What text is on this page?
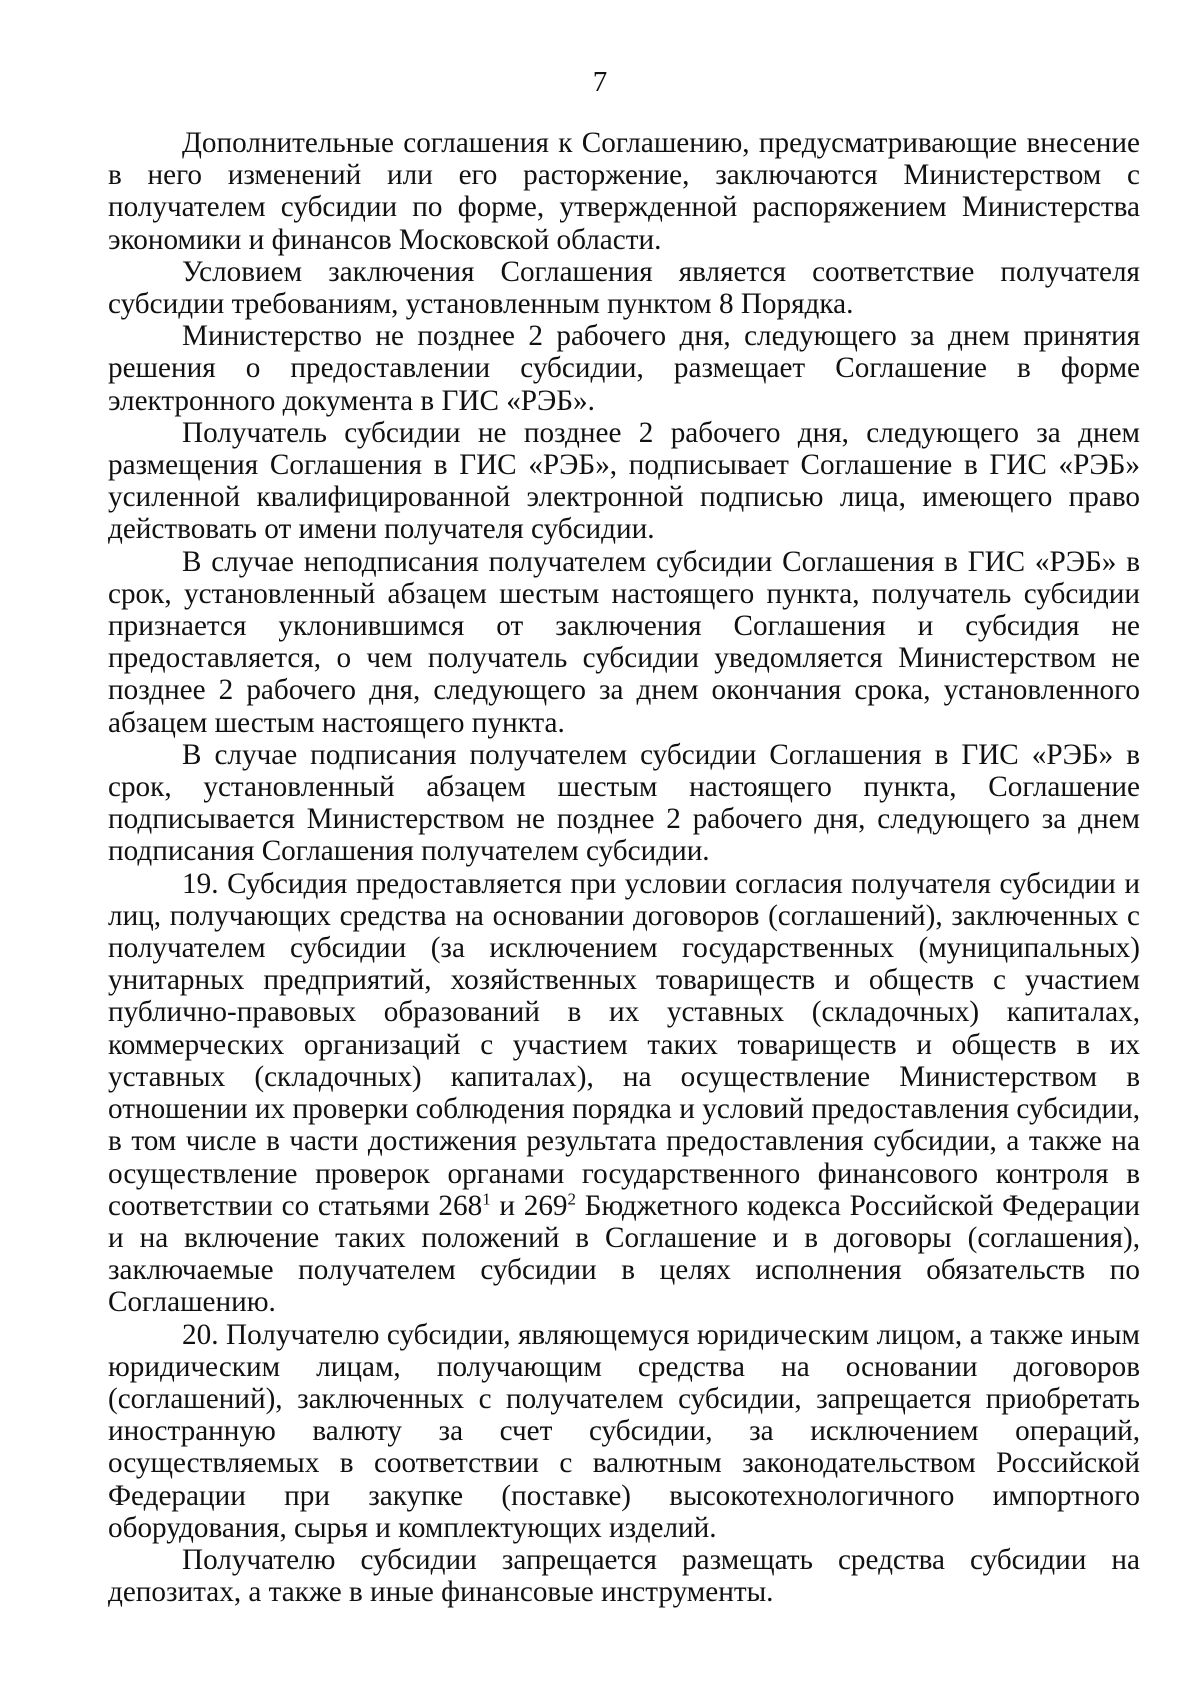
7

Дополнительные соглашения к Соглашению, предусматривающие внесение в него изменений или его расторжение, заключаются Министерством с получателем субсидии по форме, утвержденной распоряжением Министерства экономики и финансов Московской области.

Условием заключения Соглашения является соответствие получателя субсидии требованиям, установленным пунктом 8 Порядка.

Министерство не позднее 2 рабочего дня, следующего за днем принятия решения о предоставлении субсидии, размещает Соглашение в форме электронного документа в ГИС «РЭБ».

Получатель субсидии не позднее 2 рабочего дня, следующего за днем размещения Соглашения в ГИС «РЭБ», подписывает Соглашение в ГИС «РЭБ» усиленной квалифицированной электронной подписью лица, имеющего право действовать от имени получателя субсидии.

В случае неподписания получателем субсидии Соглашения в ГИС «РЭБ» в срок, установленный абзацем шестым настоящего пункта, получатель субсидии признается уклонившимся от заключения Соглашения и субсидия не предоставляется, о чем получатель субсидии уведомляется Министерством не позднее 2 рабочего дня, следующего за днем окончания срока, установленного абзацем шестым настоящего пункта.

В случае подписания получателем субсидии Соглашения в ГИС «РЭБ» в срок, установленный абзацем шестым настоящего пункта, Соглашение подписывается Министерством не позднее 2 рабочего дня, следующего за днем подписания Соглашения получателем субсидии.

19. Субсидия предоставляется при условии согласия получателя субсидии и лиц, получающих средства на основании договоров (соглашений), заключенных с получателем субсидии (за исключением государственных (муниципальных) унитарных предприятий, хозяйственных товариществ и обществ с участием публично-правовых образований в их уставных (складочных) капиталах, коммерческих организаций с участием таких товариществ и обществ в их уставных (складочных) капиталах), на осуществление Министерством в отношении их проверки соблюдения порядка и условий предоставления субсидии, в том числе в части достижения результата предоставления субсидии, а также на осуществление проверок органами государственного финансового контроля в соответствии со статьями $268^1$ и $269^2$ Бюджетного кодекса Российской Федерации и на включение таких положений в Соглашение и в договоры (соглашения), заключаемые получателем субсидии в целях исполнения обязательств по Соглашению.

20. Получателю субсидии, являющемуся юридическим лицом, а также иным юридическим лицам, получающим средства на основании договоров (соглашений), заключенных с получателем субсидии, запрещается приобретать иностранную валюту за счет субсидии, за исключением операций, осуществляемых в соответствии с валютным законодательством Российской Федерации при закупке (поставке) высокотехнологичного импортного оборудования, сырья и комплектующих изделий.

Получателю субсидии запрещается размещать средства субсидии на депозитах, а также в иные финансовые инструменты.
